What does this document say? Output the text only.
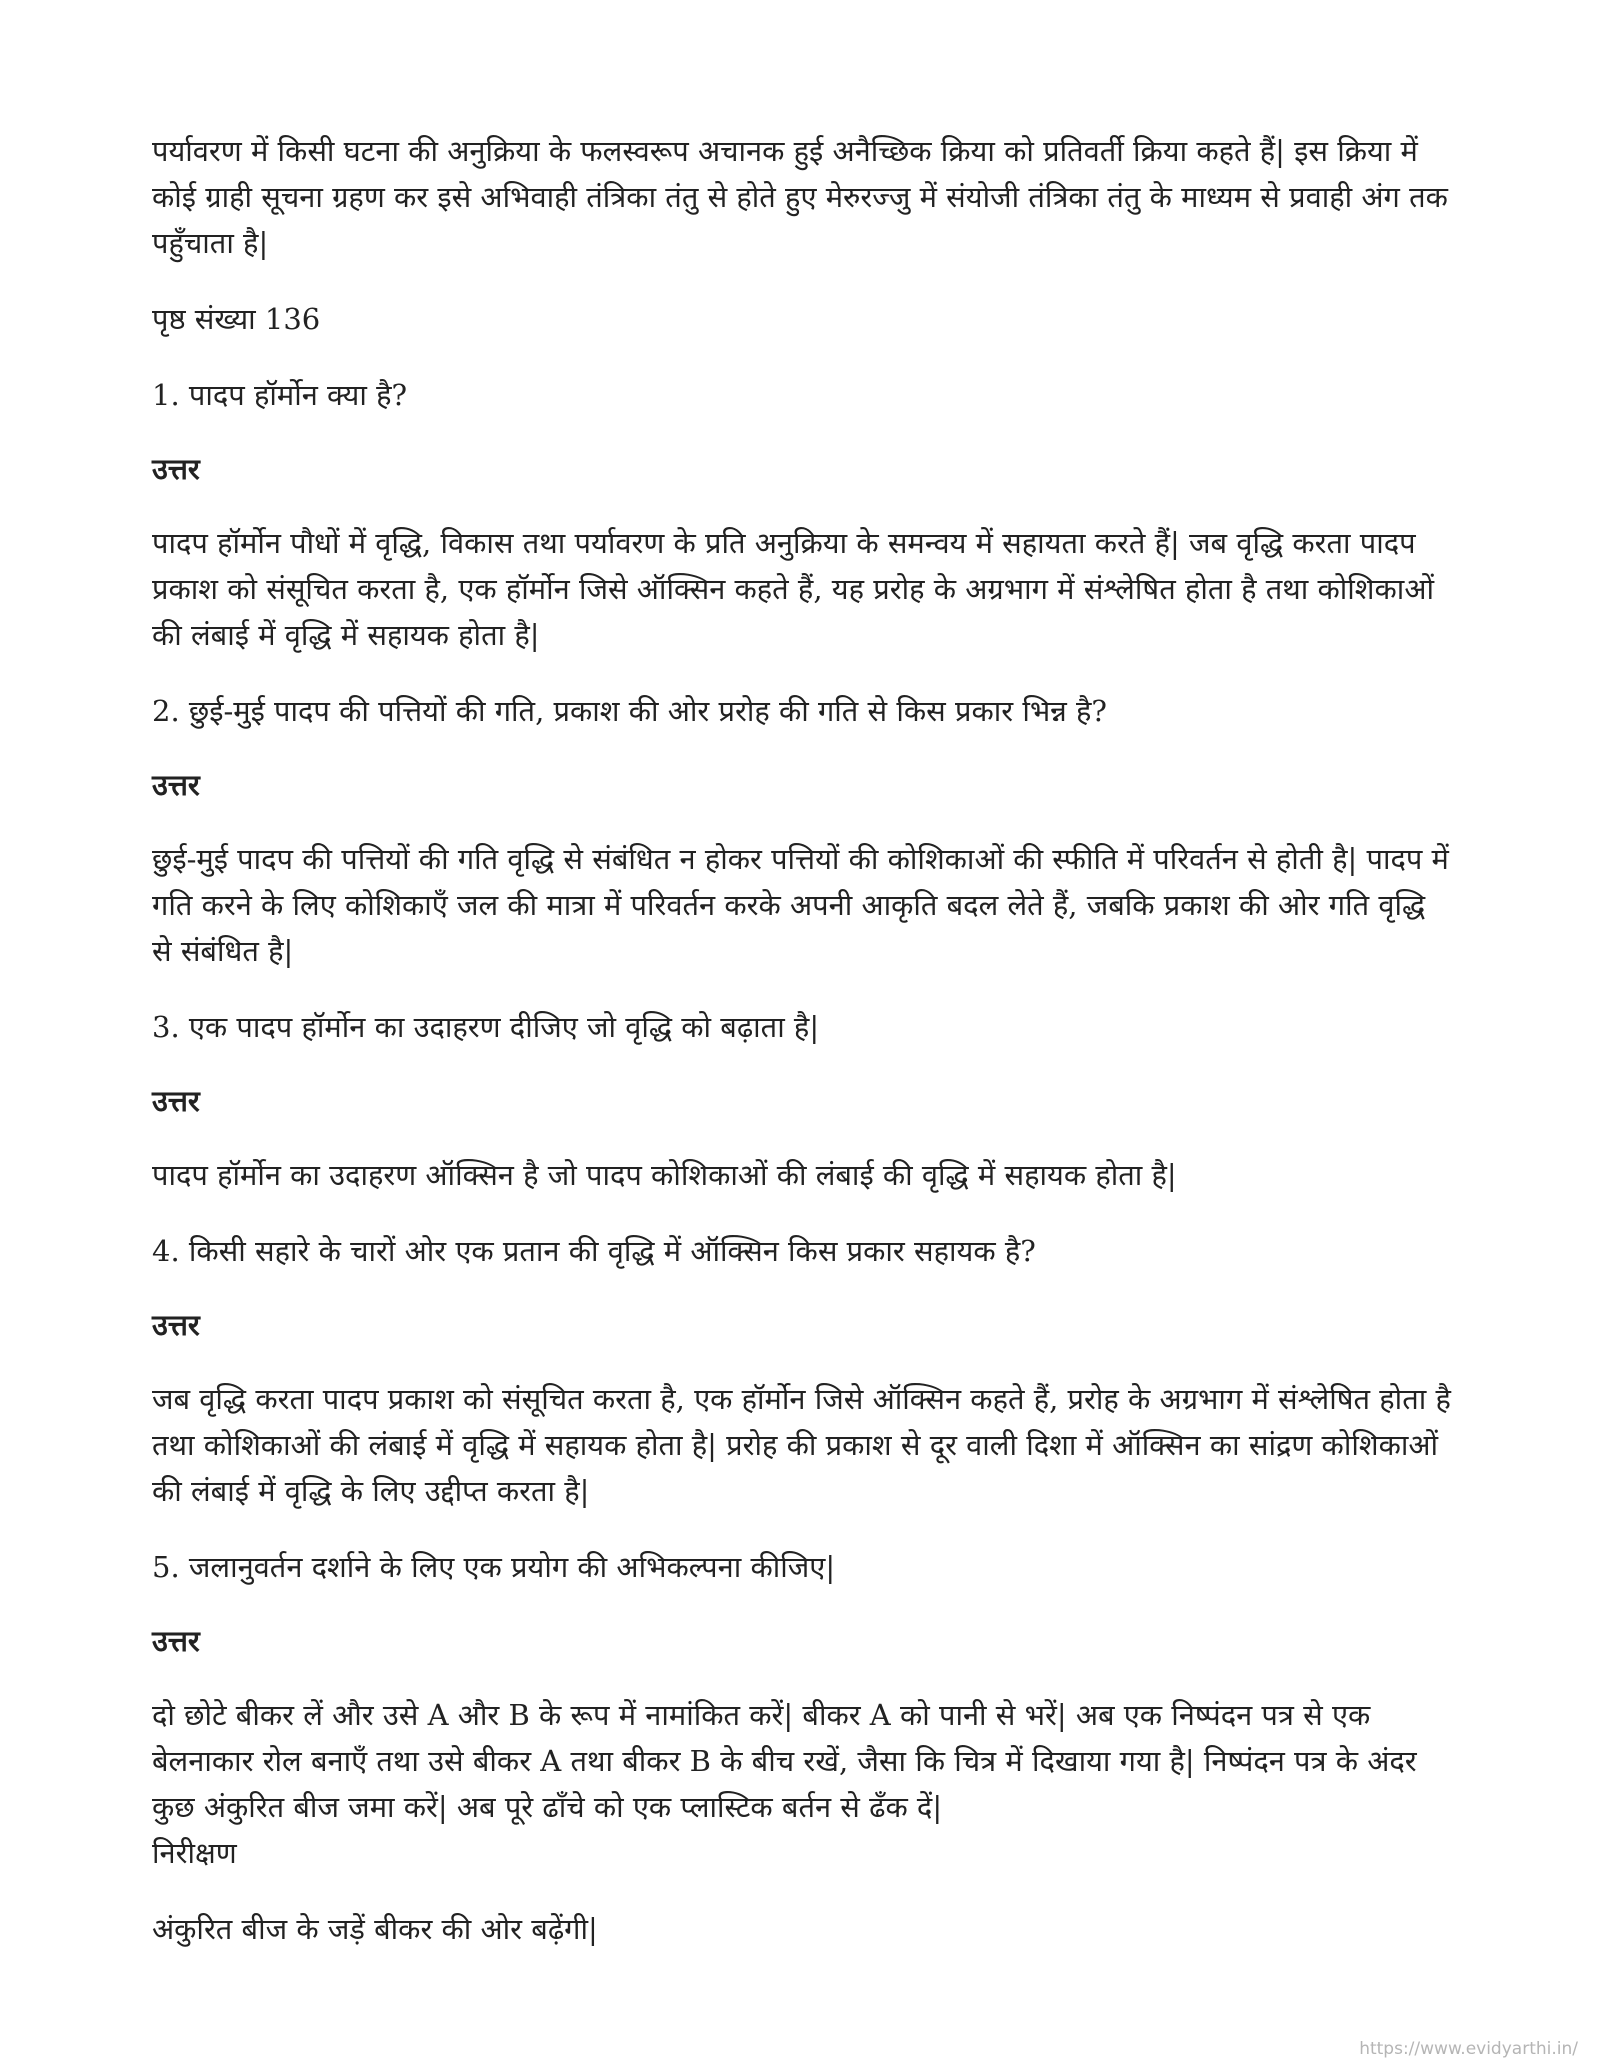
पर्यावरण में किसी घटना की अनुक्रिया के फलस्वरूप अचानक हुई अनैच्छिक क्रिया को प्रतिवर्ती क्रिया कहते हैं| इस क्रिया में कोई ग्राही सूचना ग्रहण कर इसे अभिवाही तंत्रिका तंतु से होते हुए मेरुरज्जु में संयोजी तंत्रिका तंतु के माध्यम से प्रवाही अंग तक पहुँचाता है|

पृष्ठ संख्या 136

1. पादप हॉर्मोन क्या है?

उत्तर

पादप हॉर्मोन पौधों में वृद्धि, विकास तथा पर्यावरण के प्रति अनुक्रिया के समन्वय में सहायता करते हैं| जब वृद्धि करता पादप प्रकाश को संसूचित करता है, एक हॉर्मोन जिसे ऑक्सिन कहते हैं, यह प्ररोह के अग्रभाग में संश्लेषित होता है तथा कोशिकाओं की लंबाई में वृद्धि में सहायक होता है|

2. छुई-मुई पादप की पत्तियों की गति, प्रकाश की ओर प्ररोह की गति से किस प्रकार भिन्न है?

उत्तर

छुई-मुई पादप की पत्तियों की गति वृद्धि से संबंधित न होकर पत्तियों की कोशिकाओं की स्फीति में परिवर्तन से होती है| पादप में गति करने के लिए कोशिकाएँ जल की मात्रा में परिवर्तन करके अपनी आकृति बदल लेते हैं, जबकि प्रकाश की ओर गति वृद्धि से संबंधित है|

3. एक पादप हॉर्मोन का उदाहरण दीजिए जो वृद्धि को बढ़ाता है|

उत्तर

पादप हॉर्मोन का उदाहरण ऑक्सिन है जो पादप कोशिकाओं की लंबाई की वृद्धि में सहायक होता है|

4. किसी सहारे के चारों ओर एक प्रतान की वृद्धि में ऑक्सिन किस प्रकार सहायक है?

उत्तर

जब वृद्धि करता पादप प्रकाश को संसूचित करता है, एक हॉर्मोन जिसे ऑक्सिन कहते हैं, प्ररोह के अग्रभाग में संश्लेषित होता है तथा कोशिकाओं की लंबाई में वृद्धि में सहायक होता है| प्ररोह की प्रकाश से दूर वाली दिशा में ऑक्सिन का सांद्रण कोशिकाओं की लंबाई में वृद्धि के लिए उद्दीप्त करता है|

5. जलानुवर्तन दर्शाने के लिए एक प्रयोग की अभिकल्पना कीजिए|

उत्तर

दो छोटे बीकर लें और उसे A और B के रूप में नामांकित करें| बीकर A को पानी से भरें| अब एक निष्पंदन पत्र से एक बेलनाकार रोल बनाएँ तथा उसे बीकर A तथा बीकर B के बीच रखें, जैसा कि चित्र में दिखाया गया है| निष्पंदन पत्र के अंदर कुछ अंकुरित बीज जमा करें| अब पूरे ढाँचे को एक प्लास्टिक बर्तन से ढँक दें|

निरीक्षण

अंकुरित बीज के जड़ें बीकर की ओर बढ़ेंगी|

https://www.evidyarthi.in/
